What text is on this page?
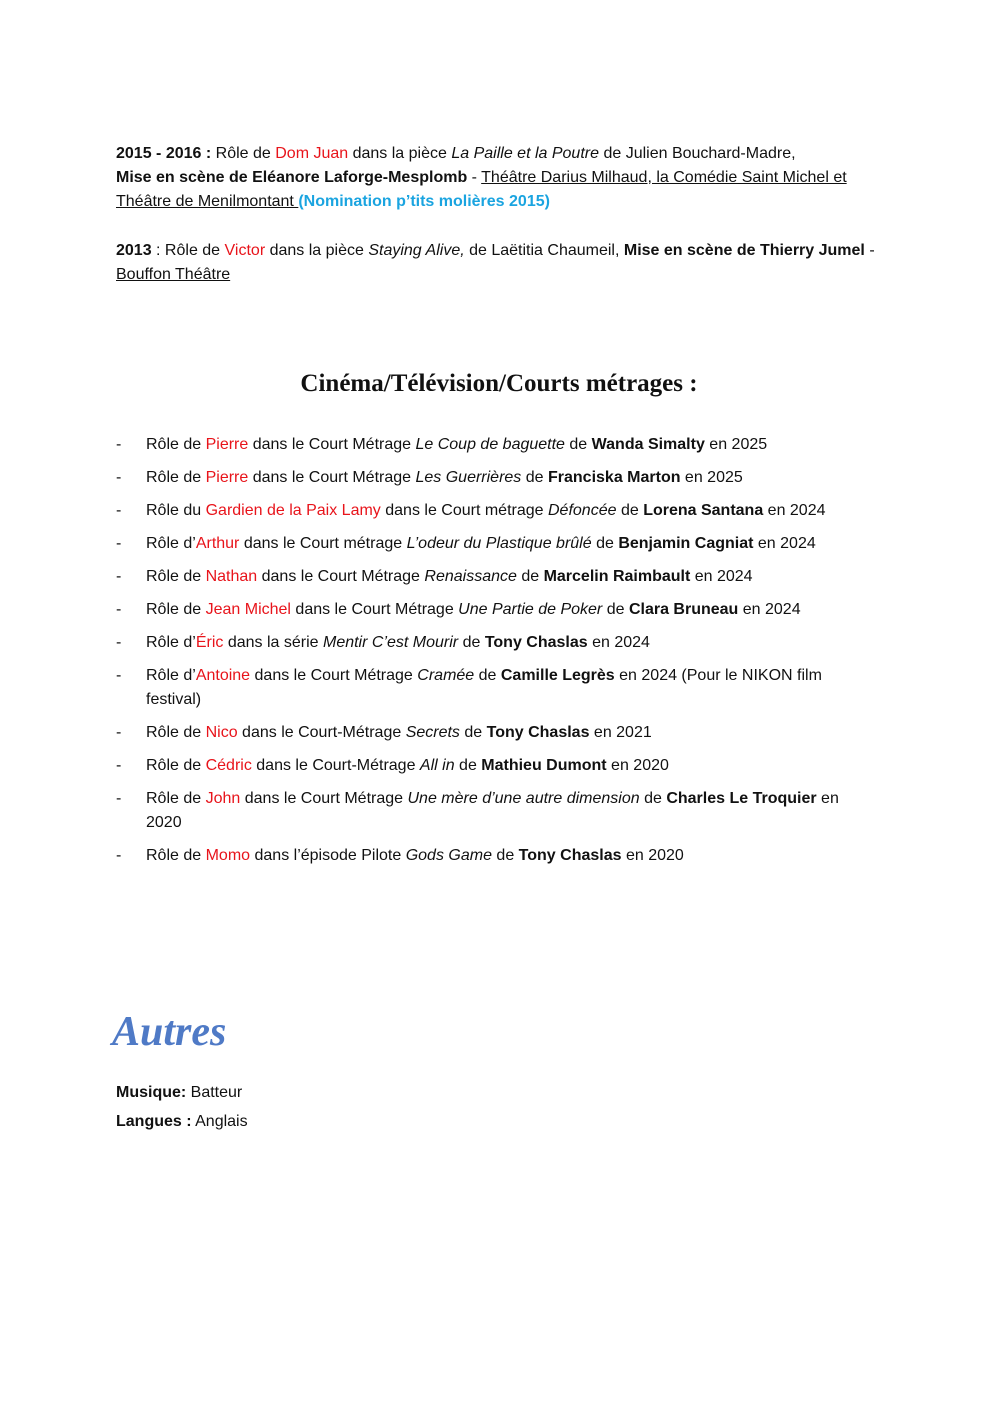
2015 - 2016 : Rôle de Dom Juan dans la pièce La Paille et la Poutre de Julien Bouchard-Madre,
Mise en scène de Eléanore Laforge-Mesplomb - Théâtre Darius Milhaud, la Comédie Saint Michel et Théâtre de Menilmontant (Nomination p’tits molières 2015)
2013 : Rôle de Victor dans la pièce Staying Alive, de Laëtitia Chaumeil, Mise en scène de Thierry Jumel - Bouffon Théâtre
Cinéma/Télévision/Courts métrages :
- Rôle de Pierre dans le Court Métrage Le Coup de baguette de Wanda Simalty en 2025
- Rôle de Pierre dans le Court Métrage Les Guerrières de Franciska Marton en 2025
- Rôle du Gardien de la Paix Lamy dans le Court métrage Défoncée de Lorena Santana en 2024
- Rôle d’Arthur dans le Court métrage L’odeur du Plastique brûlé de Benjamin Cagniat en 2024
- Rôle de Nathan dans le Court Métrage Renaissance de Marcelin Raimbault en 2024
- Rôle de Jean Michel dans le Court Métrage Une Partie de Poker de Clara Bruneau en 2024
- Rôle d’Éric dans la série Mentir C’est Mourir de Tony Chaslas en 2024
- Rôle d’Antoine dans le Court Métrage Cramée de Camille Legrès en 2024 (Pour le NIKON film festival)
- Rôle de Nico dans le Court-Métrage Secrets de Tony Chaslas en 2021
- Rôle de Cédric dans le Court-Métrage All in de Mathieu Dumont en 2020
- Rôle de John dans le Court Métrage Une mère d’une autre dimension de Charles Le Troquier en 2020
- Rôle de Momo dans l’épisode Pilote Gods Game de Tony Chaslas en 2020
Autres
Musique: Batteur
Langues : Anglais
